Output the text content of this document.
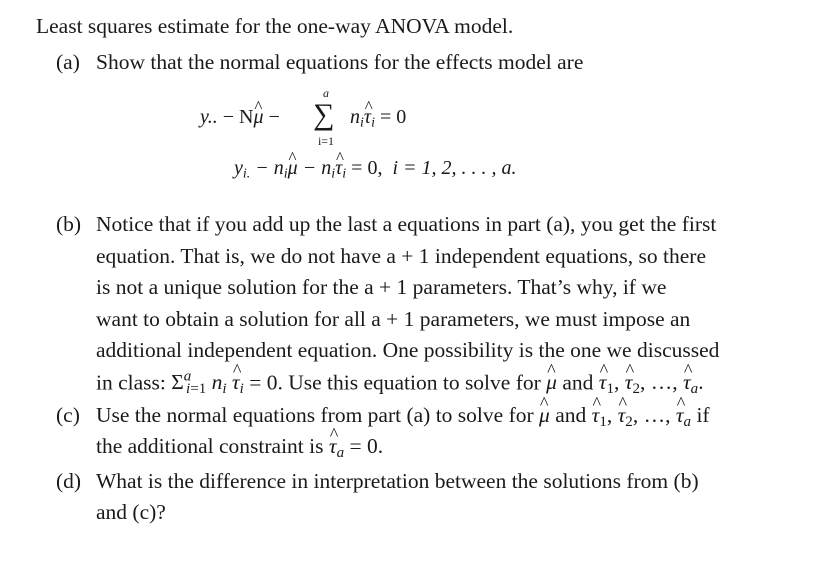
Least squares estimate for the one-way ANOVA model.
(a) Show that the normal equations for the effects model are
y.. − Nμ ^ − ∑
a
i=1
$n_i\tau$ $\^{}_i = 0$
$y_{i.} - n_i\mu$ ^ − $n_i\tau$ $\^{}_i = 0$, i = 1, 2, . . . , a.
(b) Notice that if you add up the last a equations in part (a), you get the first
equation. That is, we do not have a + 1 independent equations, so there
is not a unique solution for the a + 1 parameters. That’s why, if we
want to obtain a solution for all a + 1 parameters, we must impose an
additional independent equation. One possibility is the one we discussed
in class: $\Sigma^a_{i=1}$ $n_i$ τ $\^{}_i = 0$. Use this equation to solve for μ ^ and τ $\^{}_1$, τ $\^{}_2$, …, τ $\^{}_a$.
(c) Use the normal equations from part (a) to solve for μ ^ and τ $\^{}_1$, τ $\^{}_2$, …, τ $\^{}_a$ if
the additional constraint is τ $\^{}_a = 0$.
(d) What is the difference in interpretation between the solutions from (b)
and (c)?
